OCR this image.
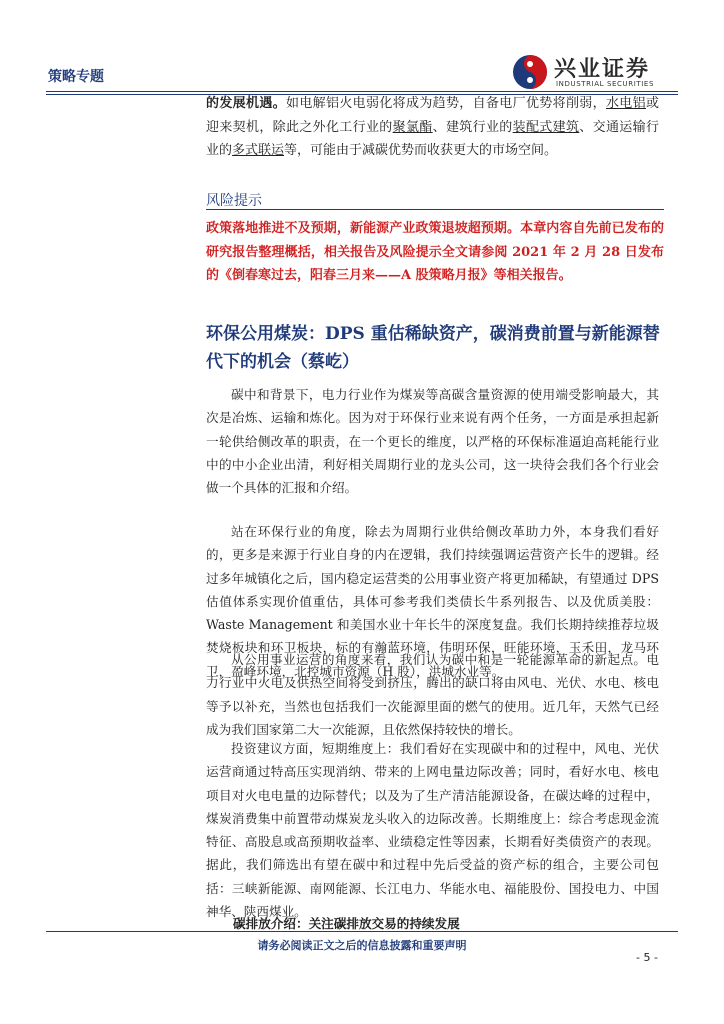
策略专题	兴业证券
INDUSTRIAL SECURITIES

的发展机遇。如电解铝火电弱化将成为趋势，自备电厂优势将削弱，水电铝或迎来契机，除此之外化工行业的聚氯酯、建筑行业的装配式建筑、交通运输行业的多式联运等，可能由于减碳优势而收获更大的市场空间。

风险提示

政策落地推进不及预期，新能源产业政策退坡超预期。本章内容自先前已发布的研究报告整理概括，相关报告及风险提示全文请参阅 2021 年 2 月 28 日发布的《倒春寒过去，阳春三月来——A 股策略月报》等相关报告。

环保公用煤炭：DPS 重估稀缺资产，碳消费前置与新能源替代下的机会（蔡屹）

碳中和背景下，电力行业作为煤炭等高碳含量资源的使用端受影响最大，其次是冶炼、运输和炼化。因为对于环保行业来说有两个任务，一方面是承担起新一轮供给侧改革的职责，在一个更长的维度，以严格的环保标准逼迫高耗能行业中的中小企业出清，利好相关周期行业的龙头公司，这一块待会我们各个行业会做一个具体的汇报和介绍。

站在环保行业的角度，除去为周期行业供给侧改革助力外，本身我们看好的，更多是来源于行业自身的内在逻辑，我们持续强调运营资产长牛的逻辑。经过多年城镇化之后，国内稳定运营类的公用事业资产将更加稀缺，有望通过 DPS 估值体系实现价值重估，具体可参考我们类债长牛系列报告、以及优质美股：Waste Management 和美国水业十年长牛的深度复盘。我们长期持续推荐垃圾焚烧板块和环卫板块，标的有瀚蓝环境，伟明环保，旺能环境，玉禾田，龙马环卫，盈峰环境，北控城市资源（H 股），洪城水业等。

从公用事业运营的角度来看，我们认为碳中和是一轮能源革命的新起点。电力行业中火电及供热空间将受到挤压，腾出的缺口将由风电、光伏、水电、核电等予以补充，当然也包括我们一次能源里面的燃气的使用。近几年，天然气已经成为我们国家第二大一次能源，且依然保持较快的增长。

投资建议方面，短期维度上：我们看好在实现碳中和的过程中，风电、光伏运营商通过特高压实现消纳、带来的上网电量边际改善；同时，看好水电、核电项目对火电电量的边际替代；以及为了生产清洁能源设备，在碳达峰的过程中，煤炭消费集中前置带动煤炭龙头收入的边际改善。长期维度上：综合考虑现金流特征、高股息或高预期收益率、业绩稳定性等因素，长期看好类债资产的表现。据此，我们筛选出有望在碳中和过程中先后受益的资产标的组合，主要公司包括：三峡新能源、南网能源、长江电力、华能水电、福能股份、国投电力、中国神华、陕西煤业。

碳排放介绍：关注碳排放交易的持续发展
请务必阅读正文之后的信息披露和重要声明
- 5 -
